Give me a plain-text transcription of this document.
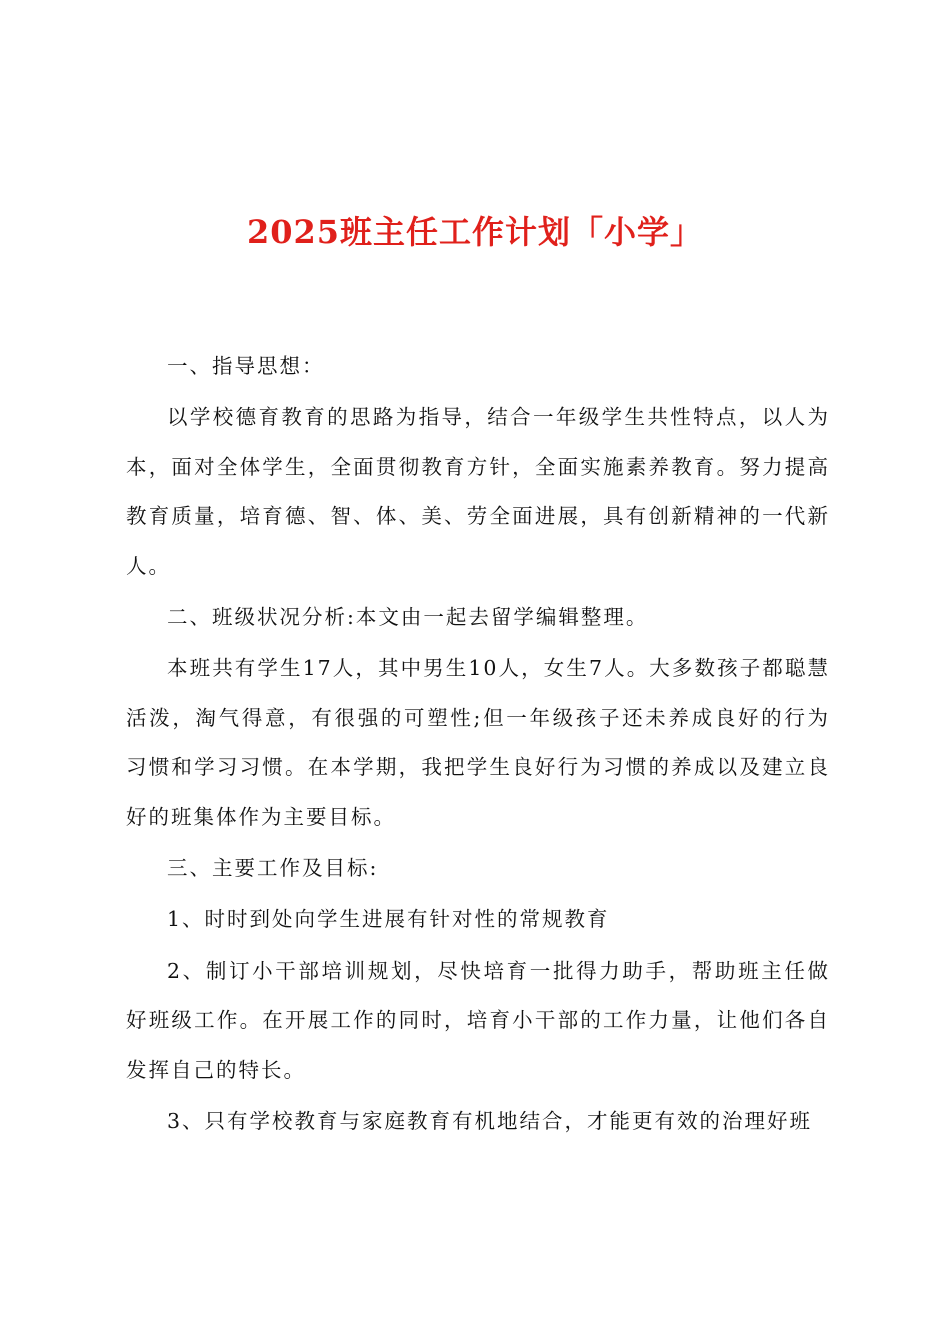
2025班主任工作计划「小学」

一、指导思想：

以学校德育教育的思路为指导，结合一年级学生共性特点，以人为本，面对全体学生，全面贯彻教育方针，全面实施素养教育。努力提高教育质量，培育德、智、体、美、劳全面进展，具有创新精神的一代新人。

二、班级状况分析:本文由一起去留学编辑整理。

本班共有学生17人，其中男生10人，女生7人。大多数孩子都聪慧活泼，淘气得意，有很强的可塑性;但一年级孩子还未养成良好的行为习惯和学习习惯。在本学期，我把学生良好行为习惯的养成以及建立良好的班集体作为主要目标。

三、主要工作及目标:

1、时时到处向学生进展有针对性的常规教育

2、制订小干部培训规划，尽快培育一批得力助手，帮助班主任做好班级工作。在开展工作的同时，培育小干部的工作力量，让他们各自发挥自己的特长。

3、只有学校教育与家庭教育有机地结合，才能更有效的治理好班
